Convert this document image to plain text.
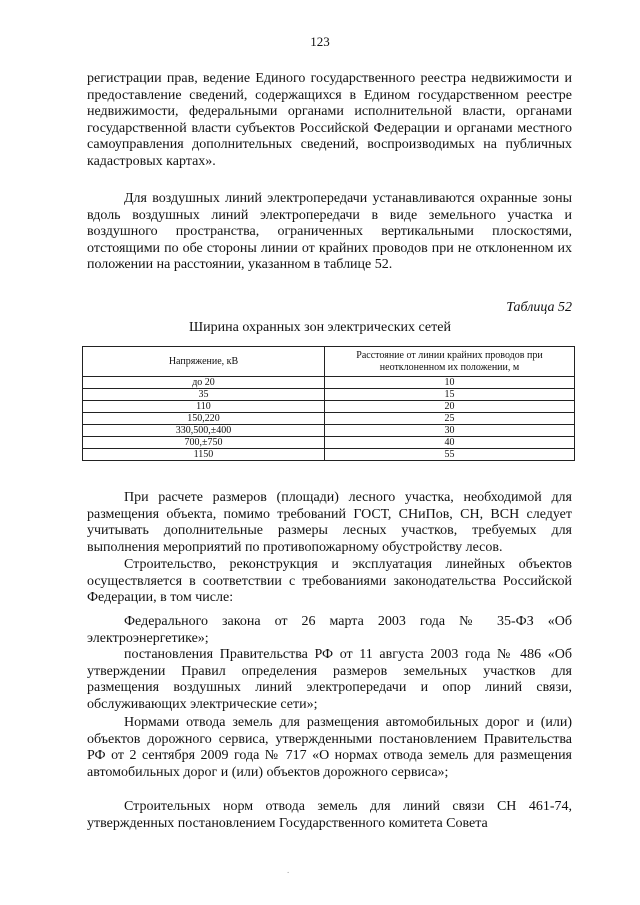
123

регистрации прав, ведение Единого государственного реестра недвижимости и предоставление сведений, содержащихся в Едином государственном реестре недвижимости, федеральными органами исполнительной власти, органами государственной власти субъектов Российской Федерации и органами местного самоуправления дополнительных сведений, воспроизводимых на публичных кадастровых картах».

Для воздушных линий электропередачи устанавливаются охранные зоны вдоль воздушных линий электропередачи в виде земельного участка и воздушного пространства, ограниченных вертикальными плоскостями, отстоящими по обе стороны линии от крайних проводов при не отклоненном их положении на расстоянии, указанном в таблице 52.

Таблица 52
Ширина охранных зон электрических сетей
Напряжение, кВ	Расстояние от линии крайних проводов при неотклоненном их положении, м
до 20	10
35	15
110	20
150,220	25
330,500,±400	30
700,±750	40
1150	55

При расчете размеров (площади) лесного участка, необходимой для размещения объекта, помимо требований ГОСТ, СНиПов, СН, ВСН следует учитывать дополнительные размеры лесных участков, требуемых для выполнения мероприятий по противопожарному обустройству лесов.

Строительство, реконструкция и эксплуатация линейных объектов осуществляется в соответствии с требованиями законодательства Российской Федерации, в том числе:

Федерального закона от 26 марта 2003 года № 35-ФЗ «Об электроэнергетике»;

постановления Правительства РФ от 11 августа 2003 года № 486 «Об утверждении Правил определения размеров земельных участков для размещения воздушных линий электропередачи и опор линий связи, обслуживающих электрические сети»;

Нормами отвода земель для размещения автомобильных дорог и (или) объектов дорожного сервиса, утвержденными постановлением Правительства РФ от 2 сентября 2009 года № 717 «О нормах отвода земель для размещения автомобильных дорог и (или) объектов дорожного сервиса»;

Строительных норм отвода земель для линий связи СН 461-74, утвержденных постановлением Государственного комитета Совета

.
